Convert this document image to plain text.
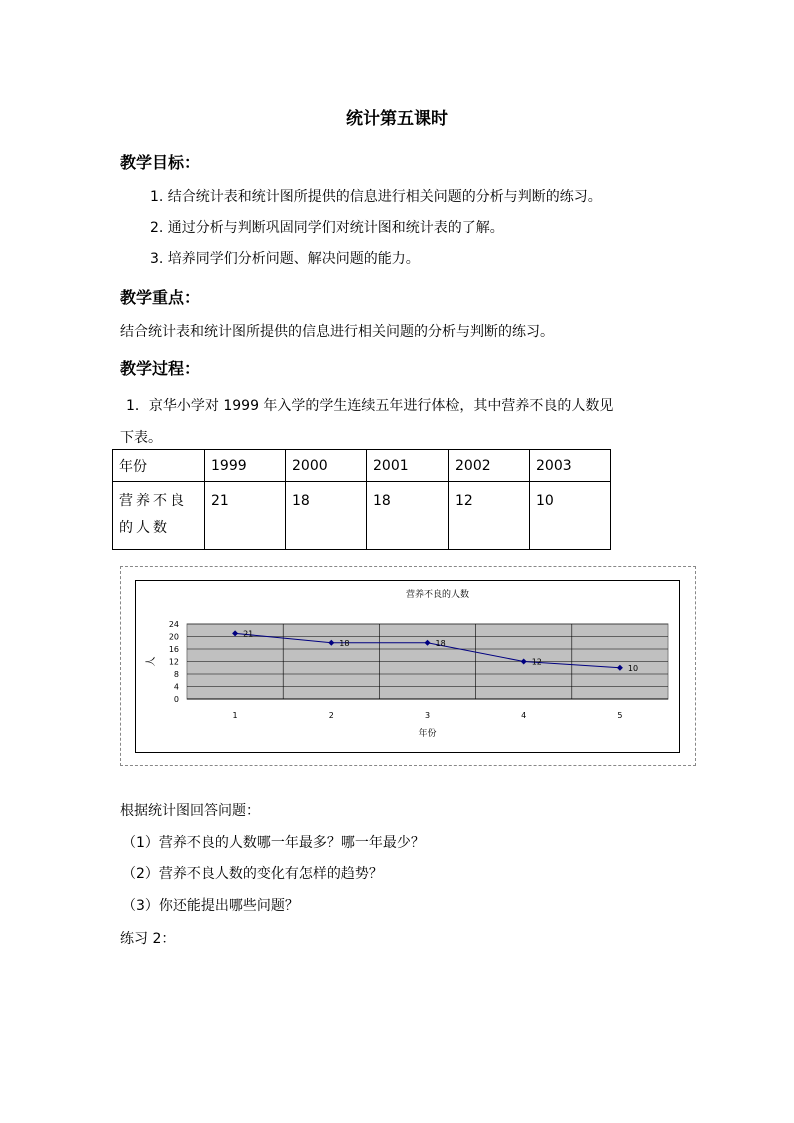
统计第五课时
教学目标：
1. 结合统计表和统计图所提供的信息进行相关问题的分析与判断的练习。
2. 通过分析与判断巩固同学们对统计图和统计表的了解。
3. 培养同学们分析问题、解决问题的能力。
教学重点：
结合统计表和统计图所提供的信息进行相关问题的分析与判断的练习。
教学过程：
1．京华小学对 1999 年入学的学生连续五年进行体检，其中营养不良的人数见
下表。
年份	1999	2000	2001	2002	2003
营养不良的人数	21	18	18	12	10
营养不良的人数
0
4
8
12
16
20
24
1	2	3	4	5
年份
人
21
18	18
12
10
根据统计图回答问题：
（1）营养不良的人数哪一年最多？哪一年最少？
（2）营养不良人数的变化有怎样的趋势？
（3）你还能提出哪些问题？
练习 2：
